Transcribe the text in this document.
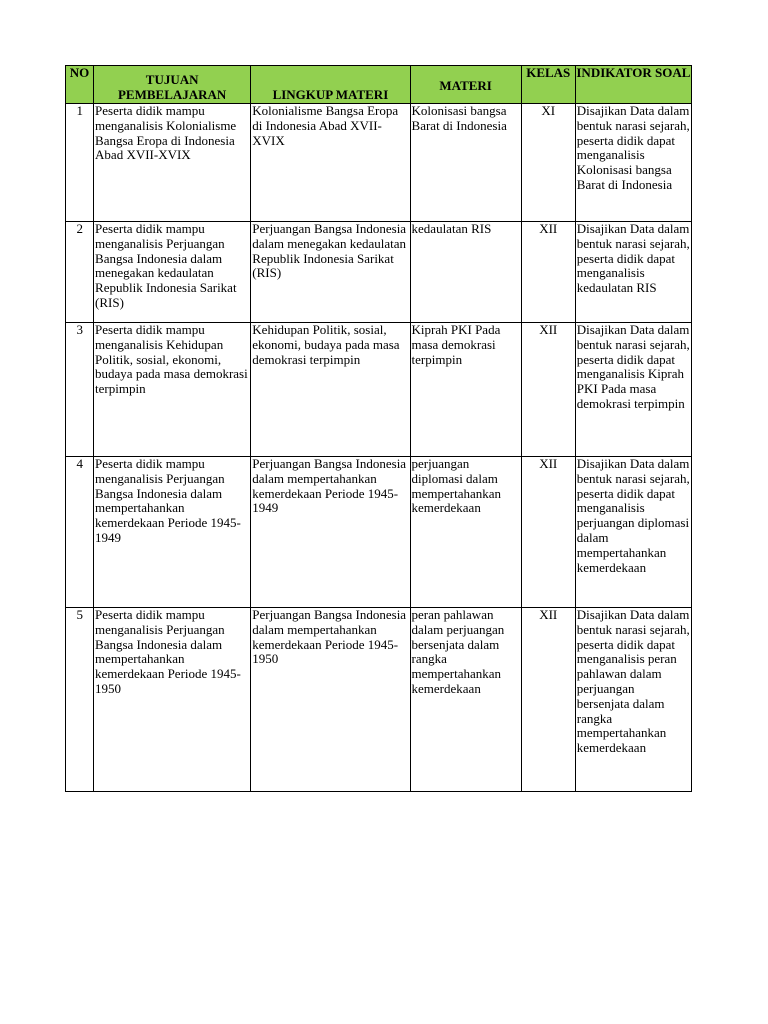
NO	TUJUAN PEMBELAJARAN	LINGKUP MATERI	MATERI	KELAS	INDIKATOR SOAL
1	Peserta didik mampu menganalisis Kolonialisme Bangsa Eropa di Indonesia Abad XVII-XVIX	Kolonialisme Bangsa Eropa di Indonesia Abad XVII-XVIX	Kolonisasi bangsa Barat di Indonesia	XI	Disajikan Data dalam bentuk narasi sejarah, peserta didik dapat menganalisis Kolonisasi bangsa Barat di Indonesia
2	Peserta didik mampu menganalisis Perjuangan Bangsa Indonesia dalam menegakan kedaulatan Republik Indonesia Sarikat (RIS)	Perjuangan Bangsa Indonesia dalam menegakan kedaulatan Republik Indonesia Sarikat (RIS)	kedaulatan RIS	XII	Disajikan Data dalam bentuk narasi sejarah, peserta didik dapat menganalisis kedaulatan RIS
3	Peserta didik mampu menganalisis Kehidupan Politik, sosial, ekonomi, budaya pada masa demokrasi terpimpin	Kehidupan Politik, sosial, ekonomi, budaya pada masa demokrasi terpimpin	Kiprah PKI Pada masa demokrasi terpimpin	XII	Disajikan Data dalam bentuk narasi sejarah, peserta didik dapat menganalisis Kiprah PKI Pada masa demokrasi terpimpin
4	Peserta didik mampu menganalisis Perjuangan Bangsa Indonesia dalam mempertahankan kemerdekaan Periode 1945-1949	Perjuangan Bangsa Indonesia dalam mempertahankan kemerdekaan Periode 1945-1949	perjuangan diplomasi dalam mempertahankan kemerdekaan	XII	Disajikan Data dalam bentuk narasi sejarah, peserta didik dapat menganalisis perjuangan diplomasi dalam mempertahankan kemerdekaan
5	Peserta didik mampu menganalisis Perjuangan Bangsa Indonesia dalam mempertahankan kemerdekaan Periode 1945-1950	Perjuangan Bangsa Indonesia dalam mempertahankan kemerdekaan Periode 1945-1950	peran pahlawan dalam perjuangan bersenjata dalam rangka mempertahankan kemerdekaan	XII	Disajikan Data dalam bentuk narasi sejarah, peserta didik dapat menganalisis peran pahlawan dalam perjuangan bersenjata dalam rangka mempertahankan kemerdekaan
